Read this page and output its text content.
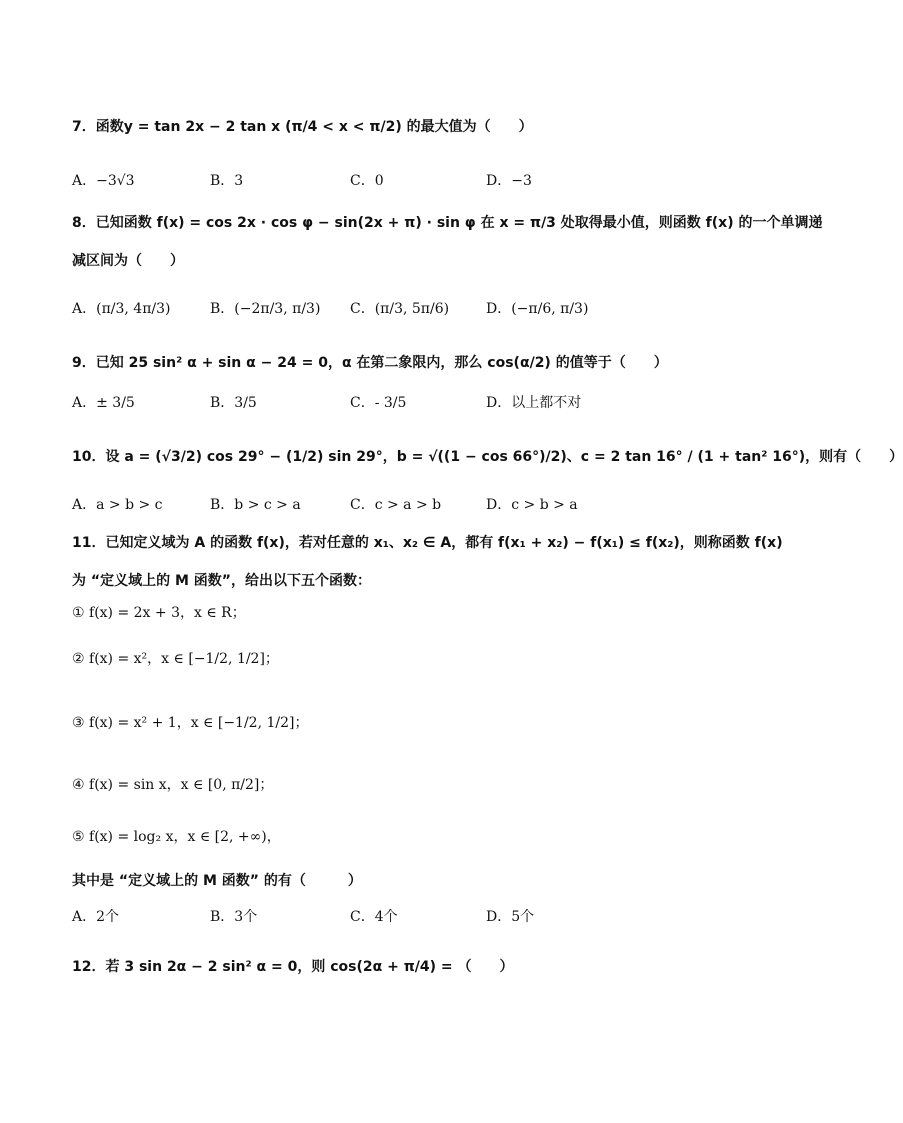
7．函数y = tan 2x − 2 tan x (π/4 < x < π/2) 的最大值为（　　）
A．−3√3	B．3	C．0	D．−3
8．已知函数 f(x) = cos 2x · cos φ − sin(2x + π) · sin φ 在 x = π/3 处取得最小值，则函数 f(x) 的一个单调递
减区间为（　　）
A．(π/3, 4π/3)	B．(−2π/3, π/3) C．(π/3, 5π/6)	D．(−π/6, π/3)
9．已知 25 sin² α + sin α − 24 = 0，α 在第二象限内，那么 cos(α/2) 的值等于（　　）
A．± 3/5	B．3/5	C．- 3/5	D．以上都不对
10．设 a = (√3/2) cos 29° − (1/2) sin 29°，b = √((1 − cos 66°)/2)、c = 2 tan 16° / (1 + tan² 16°)，则有（　　）
A．a > b > c	B．b > c > a	C．c > a > b	D．c > b > a
11．已知定义域为 A 的函数 f(x)，若对任意的 x₁、x₂ ∈ A，都有 f(x₁ + x₂) − f(x₁) ≤ f(x₂)，则称函数 f(x)
为 “定义域上的 M 函数”，给出以下五个函数：
① f(x) = 2x + 3，x ∈ R；
② f(x) = x²，x ∈ [−1/2, 1/2]；
③ f(x) = x² + 1，x ∈ [−1/2, 1/2]；
④ f(x) = sin x，x ∈ [0, π/2]；
⑤ f(x) = log₂ x，x ∈ [2, +∞)，
其中是 “定义域上的 M 函数” 的有（　　　）
A．2个	B．3个	C．4个	D．5个
12．若 3 sin 2α − 2 sin² α = 0，则 cos(2α + π/4) = （　　）
